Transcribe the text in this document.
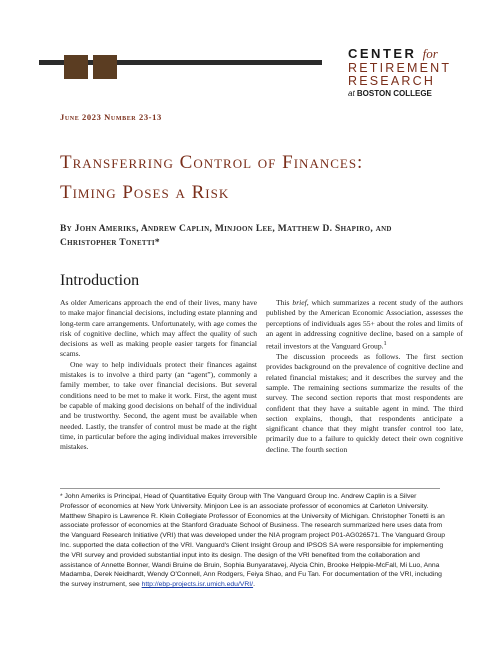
CENTER for
RETIREMENT
RESEARCH
at BOSTON COLLEGE
June 2023 Number 23-13
Transferring Control of Finances:
Timing Poses a Risk

By John Ameriks, Andrew Caplin, Minjoon Lee, Matthew D. Shapiro, and Christopher Tonetti*

Introduction

As older Americans approach the end of their lives, many have to make major financial decisions, including estate planning and long-term care arrangements. Unfortunately, with age comes the risk of cognitive decline, which may affect the quality of such decisions as well as making people easier targets for financial scams.

One way to help individuals protect their finances against mistakes is to involve a third party (an “agent”), commonly a family member, to take over financial decisions. But several conditions need to be met to make it work. First, the agent must be capable of making good decisions on behalf of the individual and be trustworthy. Second, the agent must be available when needed. Lastly, the transfer of control must be made at the right time, in particular before the aging individual makes irreversible mistakes.

This brief, which summarizes a recent study of the authors published by the American Economic Association, assesses the perceptions of individuals ages 55+ about the roles and limits of an agent in addressing cognitive decline, based on a sample of retail investors at the Vanguard Group.$^1$

The discussion proceeds as follows. The first section provides background on the prevalence of cognitive decline and related financial mistakes; and it describes the survey and the sample. The remaining sections summarize the results of the survey. The second section reports that most respondents are confident that they have a suitable agent in mind. The third section explains, though, that respondents anticipate a significant chance that they might transfer control too late, primarily due to a failure to quickly detect their own cognitive decline. The fourth section

* John Ameriks is Principal, Head of Quantitative Equity Group with The Vanguard Group Inc. Andrew Caplin is a Silver Professor of economics at New York University. Minjoon Lee is an associate professor of economics at Carleton University. Matthew Shapiro is Lawrence R. Klein Collegiate Professor of Economics at the University of Michigan. Christopher Tonetti is an associate professor of economics at the Stanford Graduate School of Business. The research summarized here uses data from the Vanguard Research Initiative (VRI) that was developed under the NIA program project P01-AG026571. The Vanguard Group Inc. supported the data collection of the VRI. Vanguard's Client Insight Group and IPSOS SA were responsible for implementing the VRI survey and provided substantial input into its design. The design of the VRI benefited from the collaboration and assistance of Annette Bonner, Wandi Bruine de Bruin, Sophia Bunyaratavej, Alycia Chin, Brooke Helppie-McFall, Mi Luo, Anna Madamba, Derek Neidhardt, Wendy O'Connell, Ann Rodgers, Feiya Shao, and Fu Tan. For documentation of the VRI, including the survey instrument, see http://ebp-projects.isr.umich.edu/VRI/.
